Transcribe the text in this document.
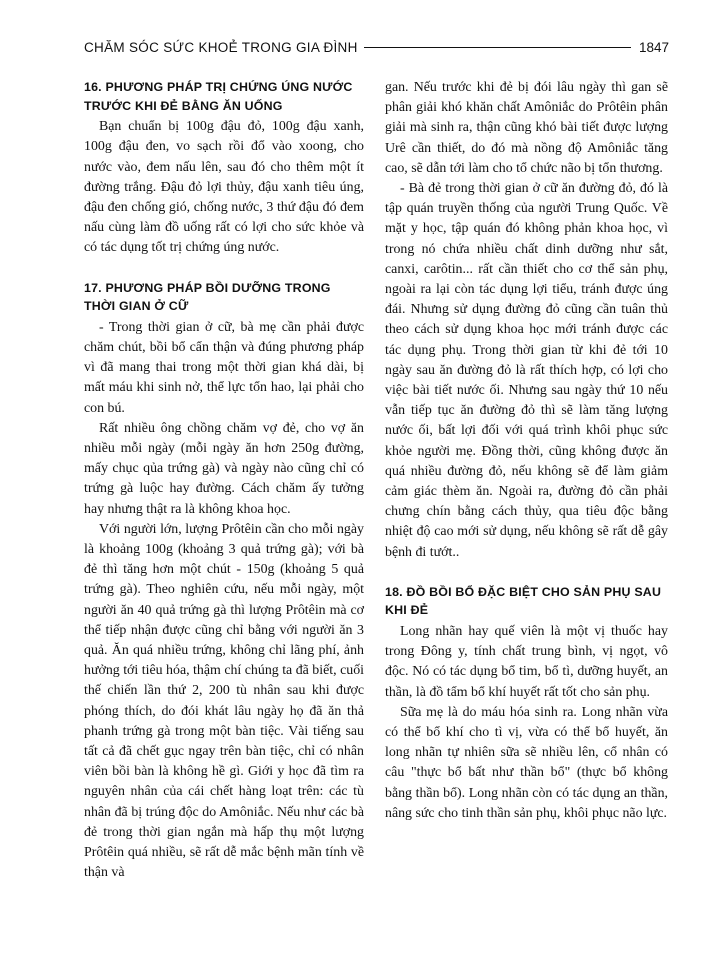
CHĂM SÓC SỨC KHOẺ TRONG GIA ĐÌNH	1847
16. PHƯƠNG PHÁP TRỊ CHỨNG ÚNG NƯỚC TRƯỚC KHI ĐẺ BẰNG ĂN UỐNG

Bạn chuẩn bị 100g đậu đỏ, 100g đậu xanh, 100g đậu đen, vo sạch rồi đổ vào xoong, cho nước vào, đem nấu lên, sau đó cho thêm một ít đường trắng. Đậu đỏ lợi thủy, đậu xanh tiêu úng, đậu đen chống gió, chống nước, 3 thứ đậu đó đem nấu cùng làm đồ uống rất có lợi cho sức khỏe và có tác dụng tốt trị chứng úng nước.

17. PHƯƠNG PHÁP BỒI DƯỠNG TRONG THỜI GIAN Ở CỮ

- Trong thời gian ở cữ, bà mẹ cần phải được chăm chút, bồi bổ cẩn thận và đúng phương pháp vì đã mang thai trong một thời gian khá dài, bị mất máu khi sinh nở, thể lực tổn hao, lại phải cho con bú.

Rất nhiều ông chồng chăm vợ đẻ, cho vợ ăn nhiều mỗi ngày (mỗi ngày ăn hơn 250g đường, mấy chục qủa trứng gà) và ngày nào cũng chỉ có trứng gà luộc hay đường. Cách chăm ấy tưởng hay nhưng thật ra là không khoa học.

Với người lớn, lượng Prôtêin cần cho mỗi ngày là khoảng 100g (khoảng 3 quả trứng gà); với bà đẻ thì tăng hơn một chút - 150g (khoảng 5 quả trứng gà). Theo nghiên cứu, nếu mỗi ngày, một người ăn 40 quả trứng gà thì lượng Prôtêin mà cơ thể tiếp nhận được cũng chỉ bằng với người ăn 3 quả. Ăn quá nhiều trứng, không chỉ lãng phí, ảnh hưởng tới tiêu hóa, thậm chí chúng ta đã biết, cuối thế chiến lần thứ 2, 200 tù nhân sau khi được phóng thích, do đói khát lâu ngày họ đã ăn thả phanh trứng gà trong một bàn tiệc. Vài tiếng sau tất cả đã chết gục ngay trên bàn tiệc, chỉ có nhân viên bồi bàn là không hề gì. Giới y học đã tìm ra nguyên nhân của cái chết hàng loạt trên: các tù nhân đã bị trúng độc do Amôniắc. Nếu như các bà đẻ trong thời gian ngắn mà hấp thụ một lượng Prôtêin quá nhiều, sẽ rất dễ mắc bệnh mãn tính về thận và

gan. Nếu trước khi đẻ bị đói lâu ngày thì gan sẽ phân giải khó khăn chất Amôniắc do Prôtêin phân giải mà sinh ra, thận cũng khó bài tiết được lượng Urê cần thiết, do đó mà nồng độ Amôniắc tăng cao, sẽ dẫn tới làm cho tổ chức não bị tổn thương.

- Bà đẻ trong thời gian ở cữ ăn đường đỏ, đó là tập quán truyền thống của người Trung Quốc. Về mặt y học, tập quán đó không phản khoa học, vì trong nó chứa nhiều chất dinh dưỡng như sắt, canxi, carôtin... rất cần thiết cho cơ thể sản phụ, ngoài ra lại còn tác dụng lợi tiểu, tránh được úng đái. Nhưng sử dụng đường đỏ cũng cần tuân thủ theo cách sử dụng khoa học mới tránh được các tác dụng phụ. Trong thời gian từ khi đẻ tới 10 ngày sau ăn đường đỏ là rất thích hợp, có lợi cho việc bài tiết nước ối. Nhưng sau ngày thứ 10 nếu vẫn tiếp tục ăn đường đỏ thì sẽ làm tăng lượng nước ối, bất lợi đối với quá trình khôi phục sức khỏe người mẹ. Đồng thời, cũng không được ăn quá nhiều đường đỏ, nếu không sẽ để làm giảm cảm giác thèm ăn. Ngoài ra, đường đỏ cần phải chưng chín bằng cách thủy, qua tiêu độc bằng nhiệt độ cao mới sử dụng, nếu không sẽ rất dễ gây bệnh đi tướt..

18. ĐỒ BỒI BỔ ĐẶC BIỆT CHO SẢN PHỤ SAU KHI ĐẺ

Long nhãn hay quế viên là một vị thuốc hay trong Đông y, tính chất trung bình, vị ngọt, vô độc. Nó có tác dụng bổ tim, bổ tì, dưỡng huyết, an thần, là đồ tẩm bổ khí huyết rất tốt cho sản phụ.

Sữa mẹ là do máu hóa sinh ra. Long nhãn vừa có thể bổ khí cho tì vị, vừa có thể bổ huyết, ăn long nhãn tự nhiên sữa sẽ nhiều lên, cổ nhân có câu "thực bổ bất như thần bổ" (thực bổ không bằng thần bổ). Long nhãn còn có tác dụng an thần, nâng sức cho tinh thần sản phụ, khôi phục não lực.
